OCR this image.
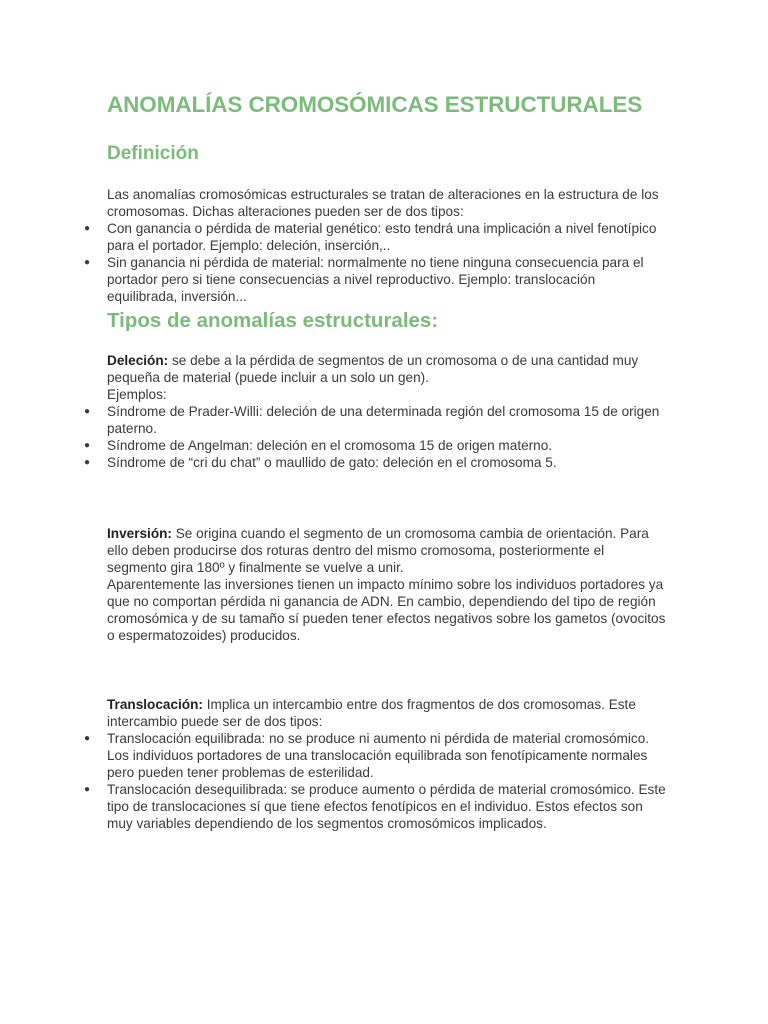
ANOMALÍAS CROMOSÓMICAS ESTRUCTURALES
Definición

Las anomalías cromosómicas estructurales se tratan de alteraciones en la estructura de los cromosomas. Dichas alteraciones pueden ser de dos tipos:

● Con ganancia o pérdida de material genético: esto tendrá una implicación a nivel fenotípico para el portador. Ejemplo: deleción, inserción,..
● Sin ganancia ni pérdida de material: normalmente no tiene ninguna consecuencia para el portador pero si tiene consecuencias a nivel reproductivo. Ejemplo: translocación equilibrada, inversión...
Tipos de anomalías estructurales:

Deleción: se debe a la pérdida de segmentos de un cromosoma o de una cantidad muy pequeña de material (puede incluir a un solo un gen).

Ejemplos:

● Síndrome de Prader-Willi: deleción de una determinada región del cromosoma 15 de origen paterno.
● Síndrome de Angelman: deleción en el cromosoma 15 de origen materno.
● Síndrome de “cri du chat” o maullido de gato: deleción en el cromosoma 5.

Inversión: Se origina cuando el segmento de un cromosoma cambia de orientación. Para ello deben producirse dos roturas dentro del mismo cromosoma, posteriormente el segmento gira 180º y finalmente se vuelve a unir.

Aparentemente las inversiones tienen un impacto mínimo sobre los individuos portadores ya que no comportan pérdida ni ganancia de ADN. En cambio, dependiendo del tipo de región cromosómica y de su tamaño sí pueden tener efectos negativos sobre los gametos (ovocitos o espermatozoides) producidos.

Translocación: Implica un intercambio entre dos fragmentos de dos cromosomas. Este intercambio puede ser de dos tipos:

● Translocación equilibrada: no se produce ni aumento ni pérdida de material cromosómico. Los individuos portadores de una translocación equilibrada son fenotípicamente normales pero pueden tener problemas de esterilidad.
● Translocación desequilibrada: se produce aumento o pérdida de material cromosómico. Este tipo de translocaciones sí que tiene efectos fenotípicos en el individuo. Estos efectos son muy variables dependiendo de los segmentos cromosómicos implicados.
